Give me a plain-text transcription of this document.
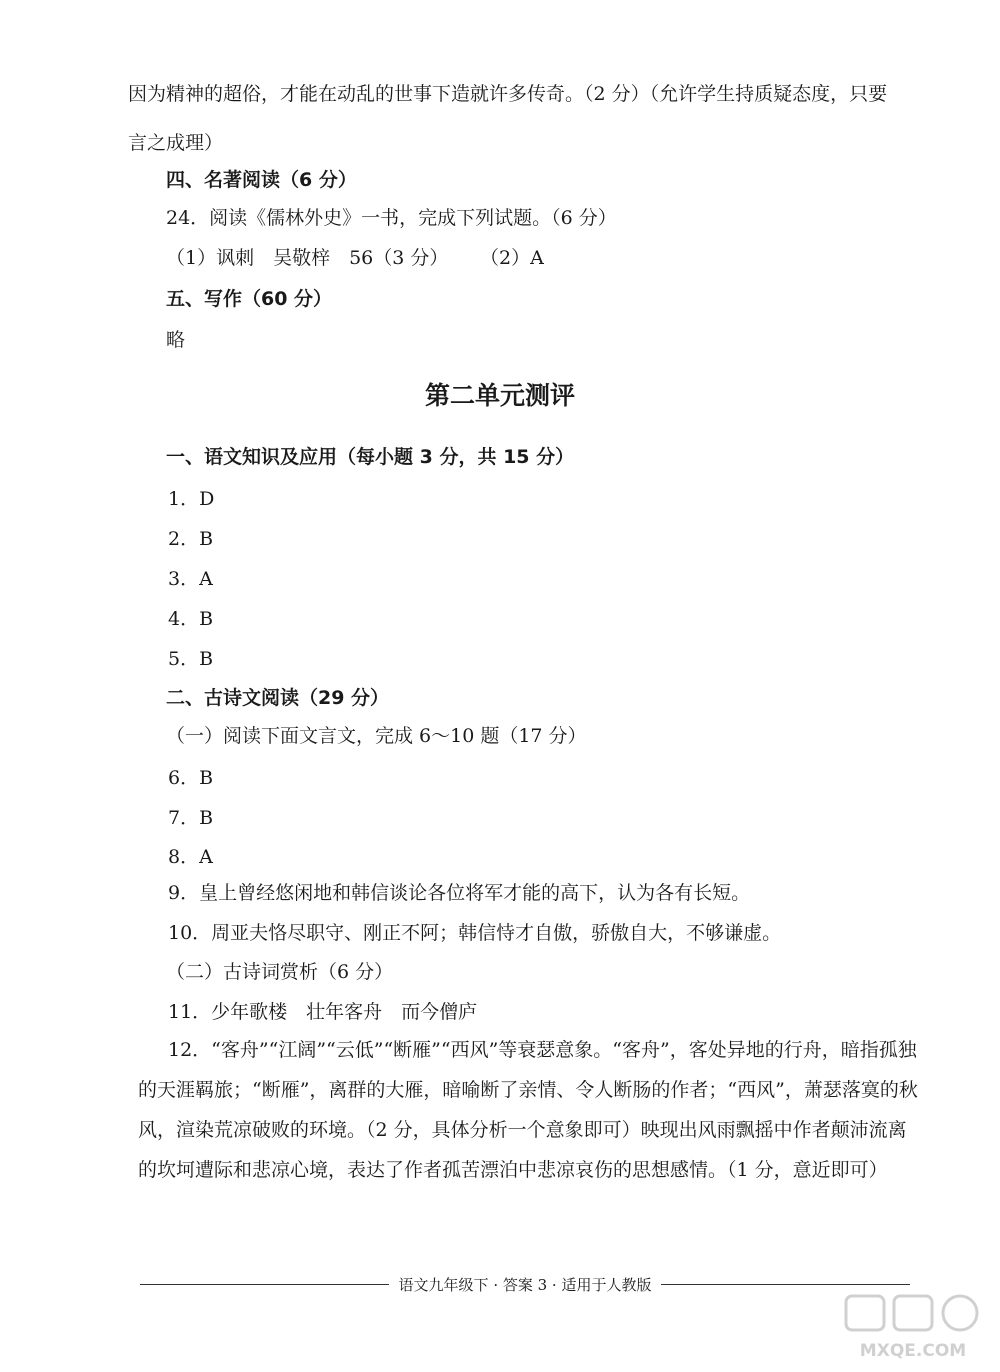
因为精神的超俗，才能在动乱的世事下造就许多传奇。（2 分）（允许学生持质疑态度，只要
言之成理）
四、名著阅读（6 分）
24．阅读《儒林外史》一书，完成下列试题。（6 分）
（1）讽刺　吴敬梓　56（3 分） （2）A
五、写作（60 分）
略
第二单元测评
一、语文知识及应用（每小题 3 分，共 15 分）
1．D
2．B
3．A
4．B
5．B
二、古诗文阅读（29 分）
（一）阅读下面文言文，完成 6～10 题（17 分）
6．B
7．B
8．A
9．皇上曾经悠闲地和韩信谈论各位将军才能的高下，认为各有长短。
10．周亚夫恪尽职守、刚正不阿；韩信恃才自傲，骄傲自大，不够谦虚。
（二）古诗词赏析（6 分）
11．少年歌楼　壮年客舟　而今僧庐
12．“客舟”“江阔”“云低”“断雁”“西风”等衰瑟意象。“客舟”，客处异地的行舟，暗指孤独的天涯羁旅；“断雁”，离群的大雁，暗喻断了亲情、令人断肠的作者；“西风”，萧瑟落寞的秋风，渲染荒凉破败的环境。（2 分，具体分析一个意象即可）映现出风雨飘摇中作者颠沛流离的坎坷遭际和悲凉心境，表达了作者孤苦漂泊中悲凉哀伤的思想感情。（1 分，意近即可）
语文九年级下 · 答案 3 · 适用于人教版
MXQE.COM
